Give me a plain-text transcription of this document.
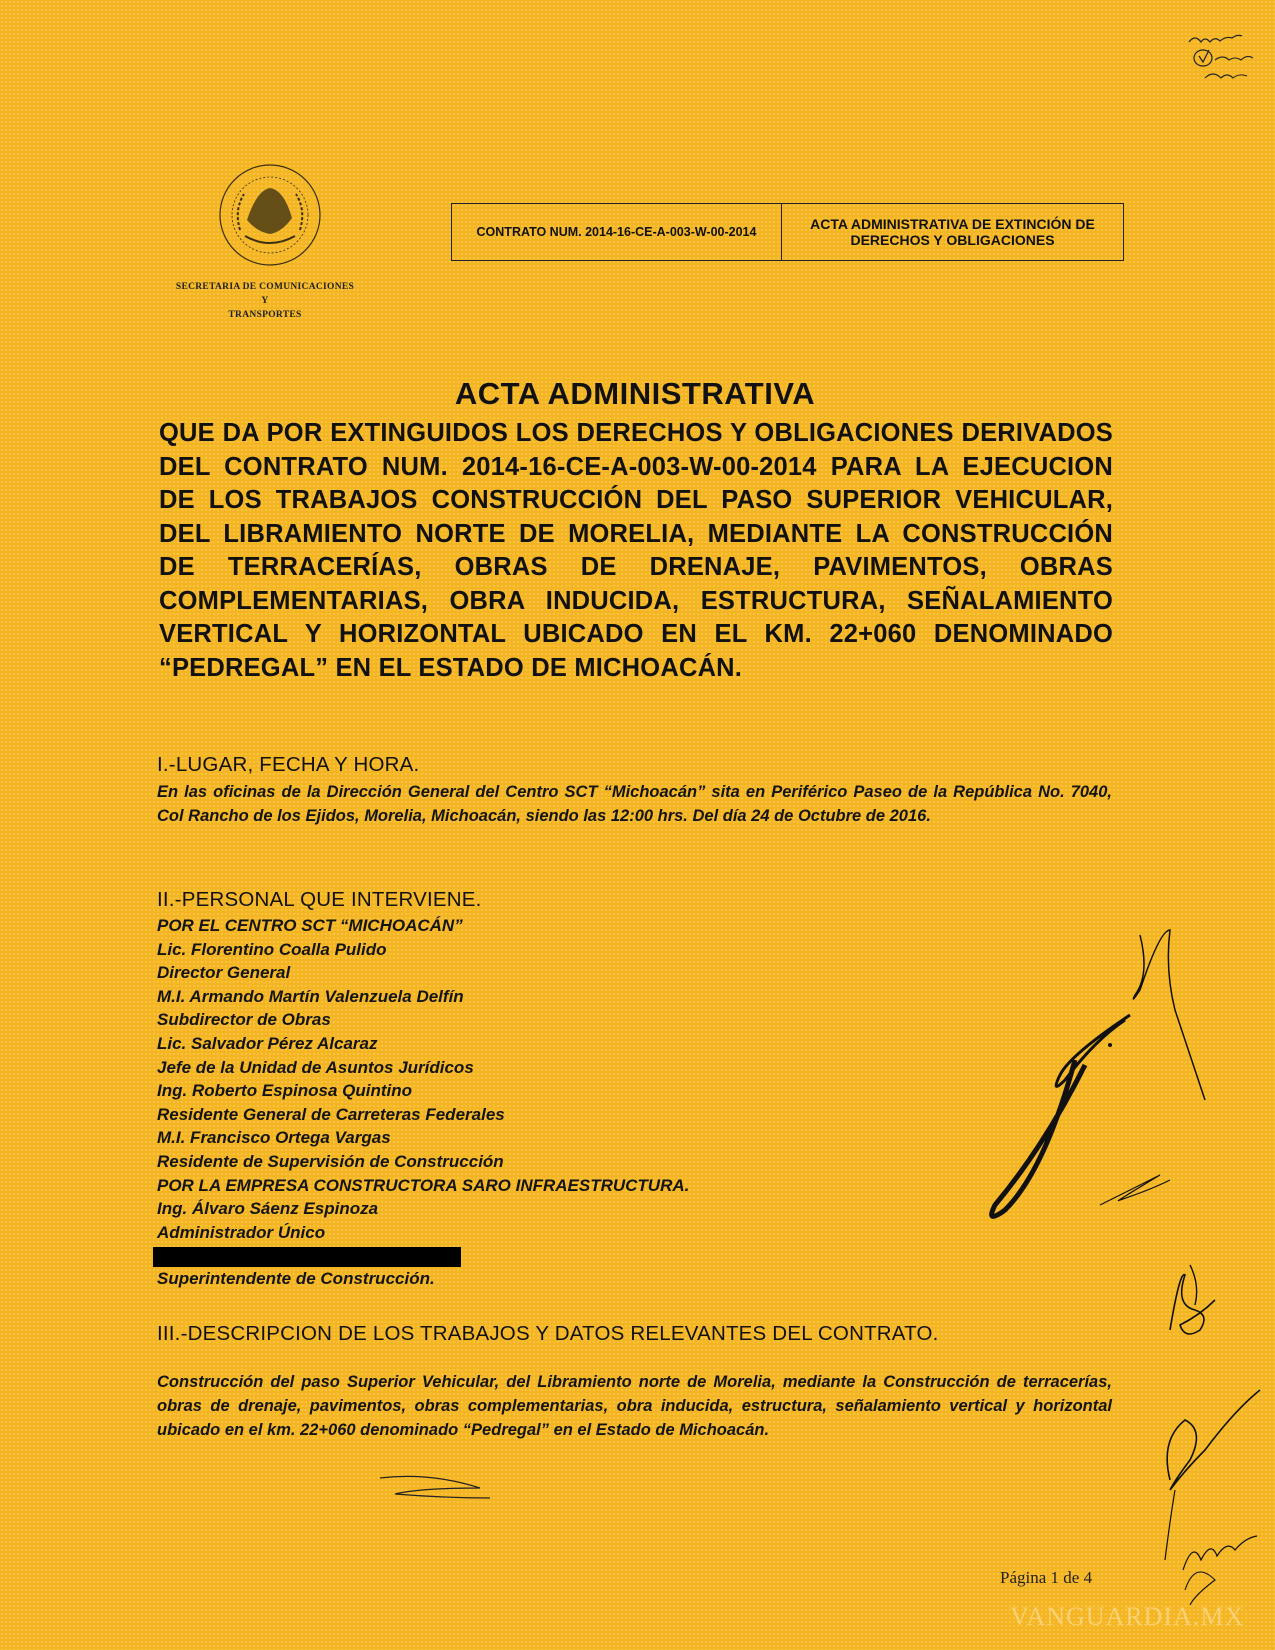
SECRETARIA DE COMUNICACIONES
Y
TRANSPORTES
CONTRATO NUM. 2014-16-CE-A-003-W-00-2014	ACTA ADMINISTRATIVA DE EXTINCIÓN DE DERECHOS Y OBLIGACIONES
ACTA ADMINISTRATIVA
QUE DA POR EXTINGUIDOS LOS DERECHOS Y OBLIGACIONES DERIVADOS DEL CONTRATO NUM. 2014-16-CE-A-003-W-00-2014 PARA LA EJECUCION DE LOS TRABAJOS CONSTRUCCIÓN DEL PASO SUPERIOR VEHICULAR, DEL LIBRAMIENTO NORTE DE MORELIA, MEDIANTE LA CONSTRUCCIÓN DE TERRACERÍAS, OBRAS DE DRENAJE, PAVIMENTOS, OBRAS COMPLEMENTARIAS, OBRA INDUCIDA, ESTRUCTURA, SEÑALAMIENTO VERTICAL Y HORIZONTAL UBICADO EN EL KM. 22+060 DENOMINADO “PEDREGAL” EN EL ESTADO DE MICHOACÁN.
I.-LUGAR, FECHA Y HORA.
En las oficinas de la Dirección General del Centro SCT “Michoacán” sita en Periférico Paseo de la República No. 7040, Col Rancho de los Ejidos, Morelia, Michoacán, siendo las 12:00 hrs. Del día 24 de Octubre de 2016.
II.-PERSONAL QUE INTERVIENE.
POR EL CENTRO SCT “MICHOACÁN”
Lic. Florentino Coalla Pulido
Director General
M.I. Armando Martín Valenzuela Delfín
Subdirector de Obras
Lic. Salvador Pérez Alcaraz
Jefe de la Unidad de Asuntos Jurídicos
Ing. Roberto Espinosa Quintino
Residente General de Carreteras Federales
M.I. Francisco Ortega Vargas
Residente de Supervisión de Construcción
POR LA EMPRESA CONSTRUCTORA SARO INFRAESTRUCTURA.
Ing. Álvaro Sáenz Espinoza
Administrador Único
Superintendente de Construcción.
III.-DESCRIPCION DE LOS TRABAJOS Y DATOS RELEVANTES DEL CONTRATO.
Construcción del paso Superior Vehicular, del Libramiento norte de Morelia, mediante la Construcción de terracerías, obras de drenaje, pavimentos, obras complementarias, obra inducida, estructura, señalamiento vertical y horizontal ubicado en el km. 22+060 denominado “Pedregal” en el Estado de Michoacán.
Página 1 de 4
VANGUARDIA.MX
